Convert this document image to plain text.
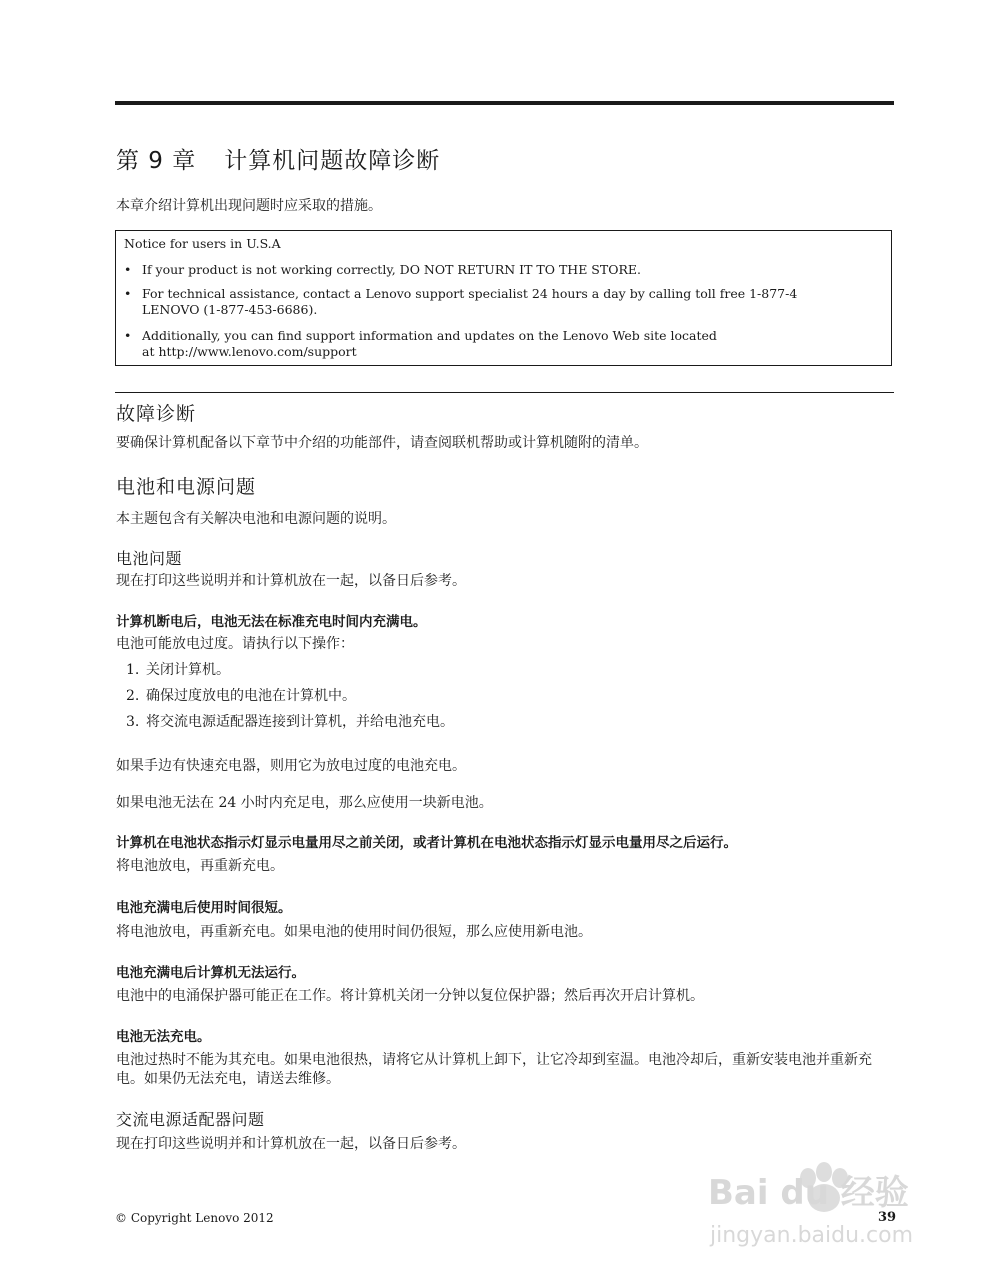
第 9 章 计算机问题故障诊断

本章介绍计算机出现问题时应采取的措施。

Notice for users in U.S.A
• If your product is not working correctly, DO NOT RETURN IT TO THE STORE.
• For technical assistance, contact a Lenovo support specialist 24 hours a day by calling toll free 1-877-4 LENOVO (1-877-453-6686).
• Additionally, you can find support information and updates on the Lenovo Web site located at http://www.lenovo.com/support
故障诊断

要确保计算机配备以下章节中介绍的功能部件，请查阅联机帮助或计算机随附的清单。

电池和电源问题

本主题包含有关解决电池和电源问题的说明。

电池问题

现在打印这些说明并和计算机放在一起，以备日后参考。

计算机断电后，电池无法在标准充电时间内充满电。

电池可能放电过度。请执行以下操作：

1. 关闭计算机。
2. 确保过度放电的电池在计算机中。
3. 将交流电源适配器连接到计算机，并给电池充电。

如果手边有快速充电器，则用它为放电过度的电池充电。

如果电池无法在 24 小时内充足电，那么应使用一块新电池。

计算机在电池状态指示灯显示电量用尽之前关闭，或者计算机在电池状态指示灯显示电量用尽之后运行。

将电池放电，再重新充电。

电池充满电后使用时间很短。

将电池放电，再重新充电。如果电池的使用时间仍很短，那么应使用新电池。

电池充满电后计算机无法运行。

电池中的电涌保护器可能正在工作。将计算机关闭一分钟以复位保护器；然后再次开启计算机。

电池无法充电。

电池过热时不能为其充电。如果电池很热，请将它从计算机上卸下，让它冷却到室温。电池冷却后，重新安装电池并重新充电。如果仍无法充电，请送去维修。

交流电源适配器问题

现在打印这些说明并和计算机放在一起，以备日后参考。

© Copyright Lenovo 2012	39
Bai du 经验
jingyan.baidu.com
